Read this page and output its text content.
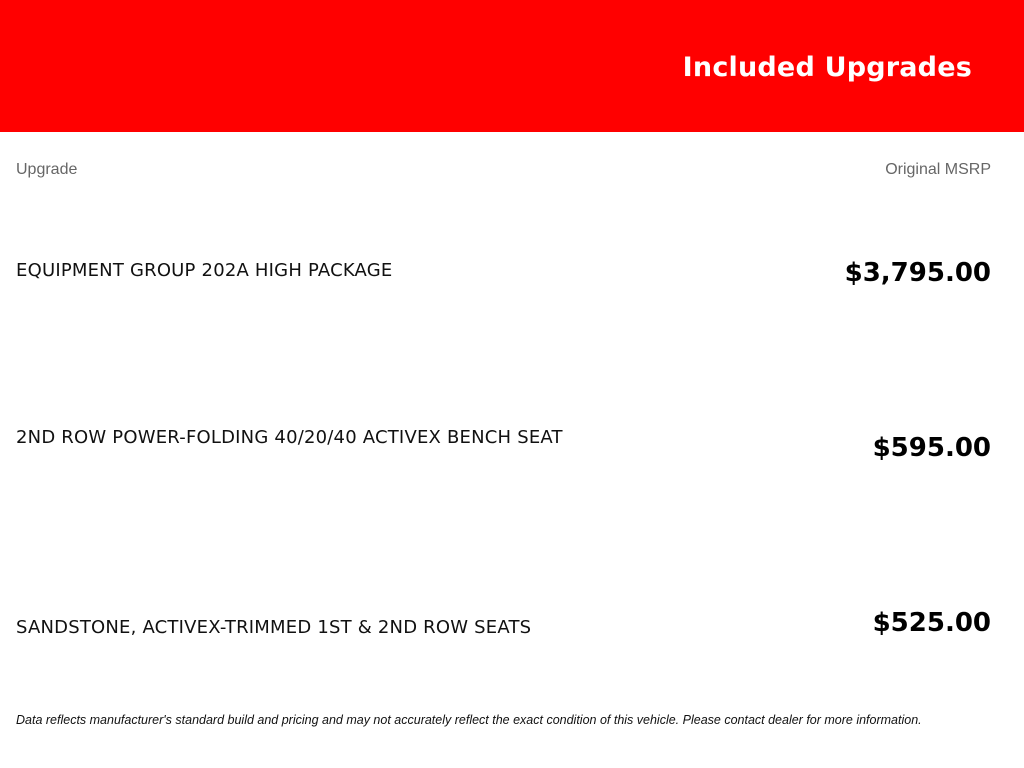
Included Upgrades
Upgrade	Original MSRP
EQUIPMENT GROUP 202A HIGH PACKAGE	$3,795.00
2ND ROW POWER-FOLDING 40/20/40 ACTIVEX BENCH SEAT	$595.00
SANDSTONE, ACTIVEX-TRIMMED 1ST & 2ND ROW SEATS	$525.00
Data reflects manufacturer's standard build and pricing and may not accurately reflect the exact condition of this vehicle. Please contact dealer for more information.
